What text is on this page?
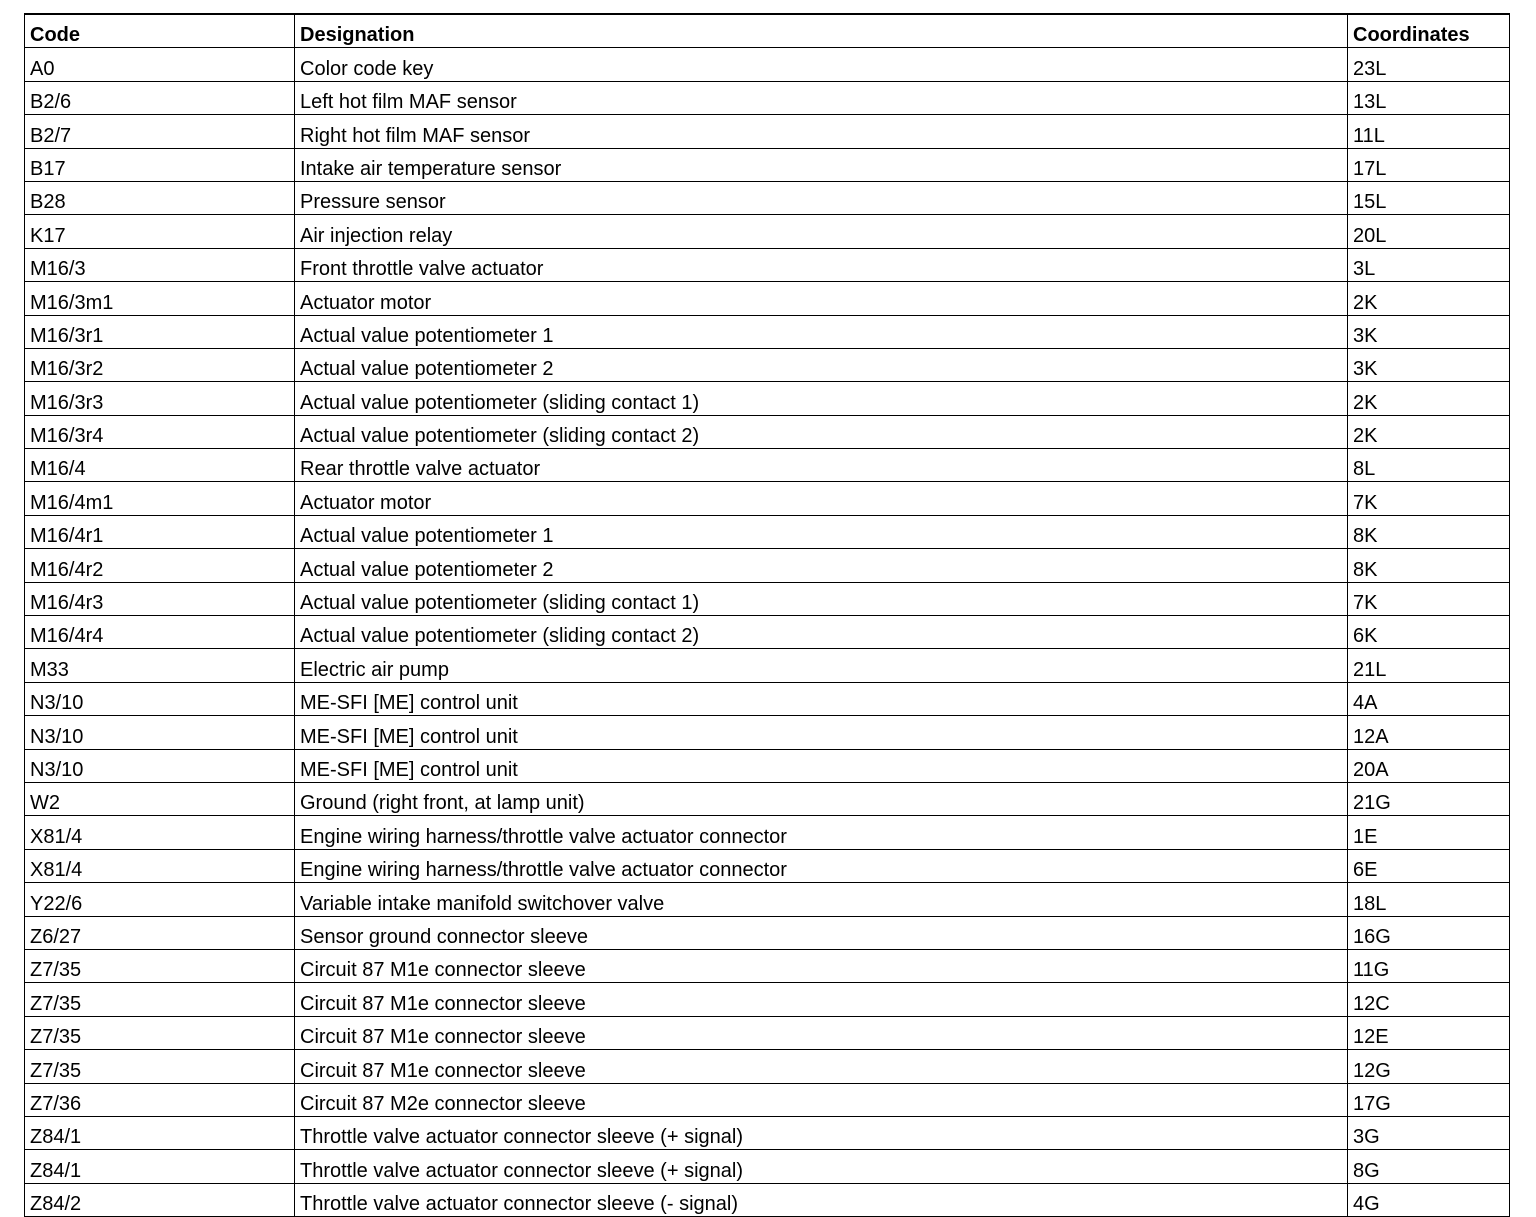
Code	Designation	Coordinates
A0	Color code key	23L
B2/6	Left hot film MAF sensor	13L
B2/7	Right hot film MAF sensor	11L
B17	Intake air temperature sensor	17L
B28	Pressure sensor	15L
K17	Air injection relay	20L
M16/3	Front throttle valve actuator	3L
M16/3m1	Actuator motor	2K
M16/3r1	Actual value potentiometer 1	3K
M16/3r2	Actual value potentiometer 2	3K
M16/3r3	Actual value potentiometer (sliding contact 1)	2K
M16/3r4	Actual value potentiometer (sliding contact 2)	2K
M16/4	Rear throttle valve actuator	8L
M16/4m1	Actuator motor	7K
M16/4r1	Actual value potentiometer 1	8K
M16/4r2	Actual value potentiometer 2	8K
M16/4r3	Actual value potentiometer (sliding contact 1)	7K
M16/4r4	Actual value potentiometer (sliding contact 2)	6K
M33	Electric air pump	21L
N3/10	ME-SFI [ME] control unit	4A
N3/10	ME-SFI [ME] control unit	12A
N3/10	ME-SFI [ME] control unit	20A
W2	Ground (right front, at lamp unit)	21G
X81/4	Engine wiring harness/throttle valve actuator connector	1E
X81/4	Engine wiring harness/throttle valve actuator connector	6E
Y22/6	Variable intake manifold switchover valve	18L
Z6/27	Sensor ground connector sleeve	16G
Z7/35	Circuit 87 M1e connector sleeve	11G
Z7/35	Circuit 87 M1e connector sleeve	12C
Z7/35	Circuit 87 M1e connector sleeve	12E
Z7/35	Circuit 87 M1e connector sleeve	12G
Z7/36	Circuit 87 M2e connector sleeve	17G
Z84/1	Throttle valve actuator connector sleeve (+ signal)	3G
Z84/1	Throttle valve actuator connector sleeve (+ signal)	8G
Z84/2	Throttle valve actuator connector sleeve (- signal)	4G
